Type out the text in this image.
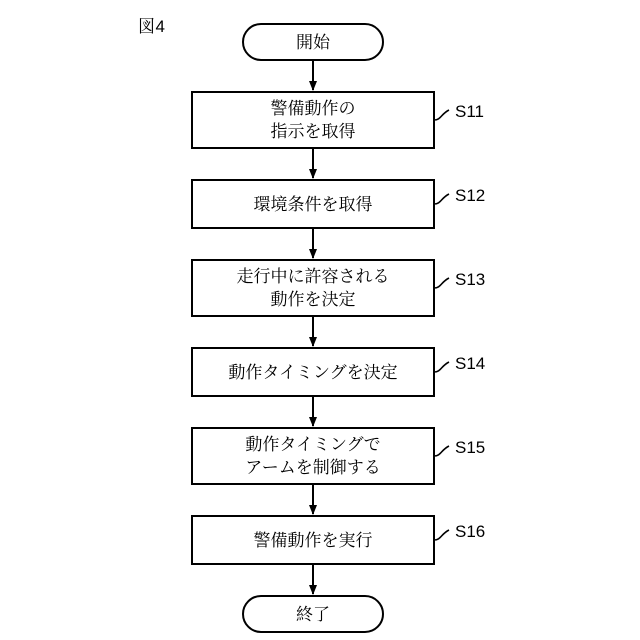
図4
開始
終了
警備動作の
指示を取得
環境条件を取得
走行中に許容される
動作を決定
動作タイミングを決定
動作タイミングで
アームを制御する
警備動作を実行
S11
S12
S13
S14
S15
S16
